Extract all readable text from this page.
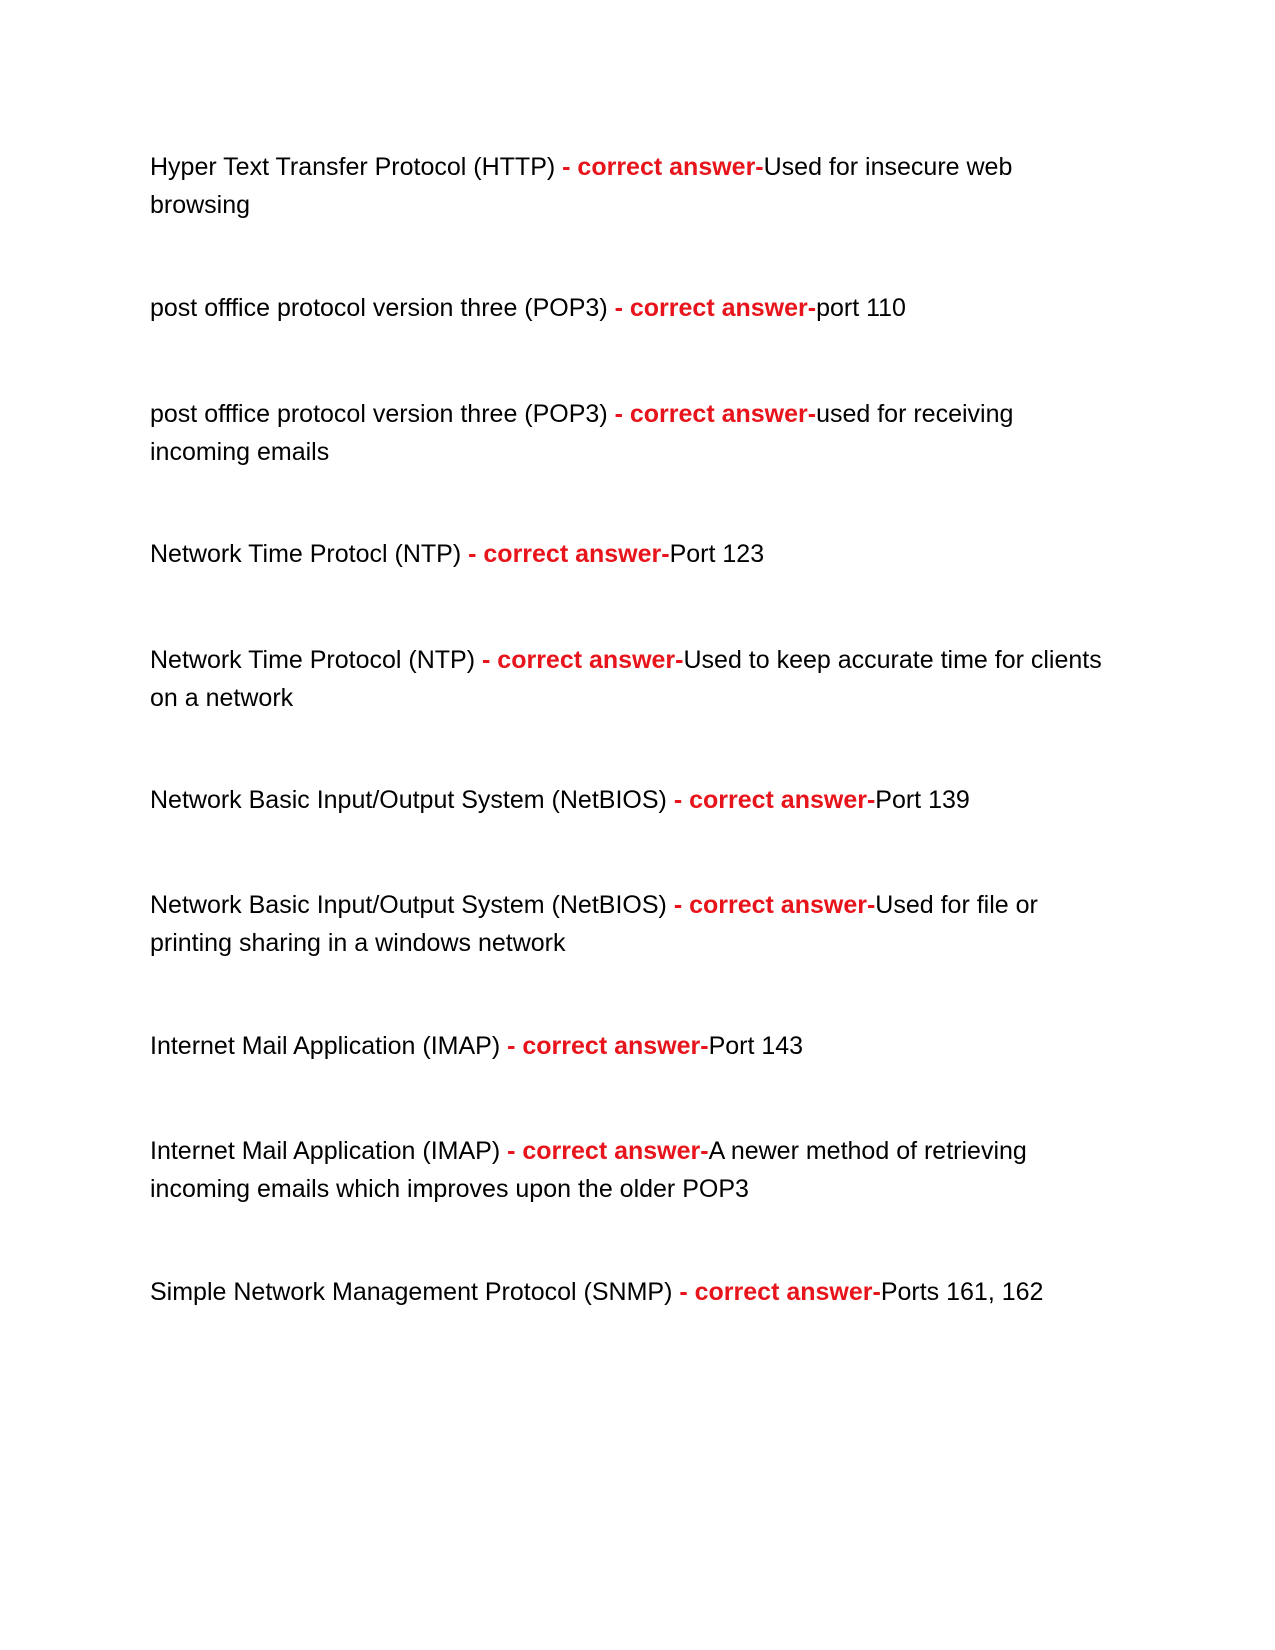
Hyper Text Transfer Protocol (HTTP) - correct answer-Used for insecure web browsing

post offfice protocol version three (POP3) - correct answer-port 110

post offfice protocol version three (POP3) - correct answer-used for receiving incoming emails

Network Time Protocl (NTP) - correct answer-Port 123

Network Time Protocol (NTP) - correct answer-Used to keep accurate time for clients on a network

Network Basic Input/Output System (NetBIOS) - correct answer-Port 139

Network Basic Input/Output System (NetBIOS) - correct answer-Used for file or printing sharing in a windows network

Internet Mail Application (IMAP) - correct answer-Port 143

Internet Mail Application (IMAP) - correct answer-A newer method of retrieving incoming emails which improves upon the older POP3

Simple Network Management Protocol (SNMP) - correct answer-Ports 161, 162
